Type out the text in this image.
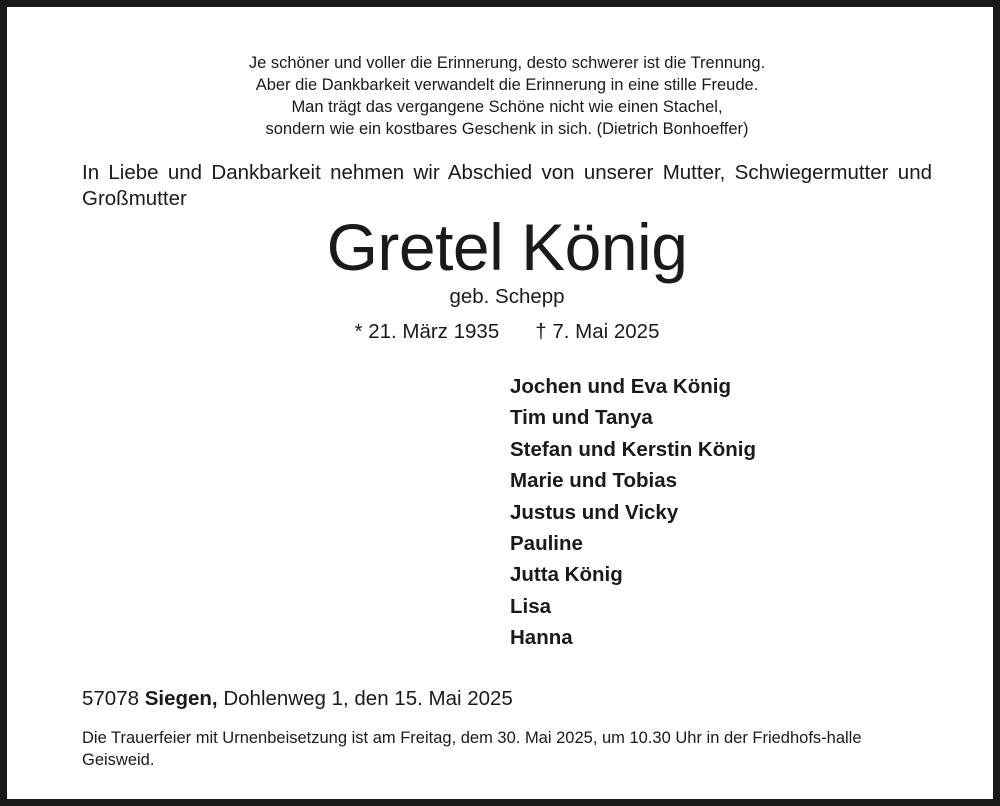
Je schöner und voller die Erinnerung, desto schwerer ist die Trennung.
Aber die Dankbarkeit verwandelt die Erinnerung in eine stille Freude.
Man trägt das vergangene Schöne nicht wie einen Stachel,
sondern wie ein kostbares Geschenk in sich. (Dietrich Bonhoeffer)
In Liebe und Dankbarkeit nehmen wir Abschied von unserer Mutter, Schwiegermutter und Großmutter
Gretel König
geb. Schepp
* 21. März 1935 † 7. Mai 2025
Jochen und Eva König
Tim und Tanya
Stefan und Kerstin König
Marie und Tobias
Justus und Vicky
Pauline
Jutta König
Lisa
Hanna
57078 Siegen, Dohlenweg 1, den 15. Mai 2025
Die Trauerfeier mit Urnenbeisetzung ist am Freitag, dem 30. Mai 2025, um 10.30 Uhr in der Friedhofs-halle Geisweid.
